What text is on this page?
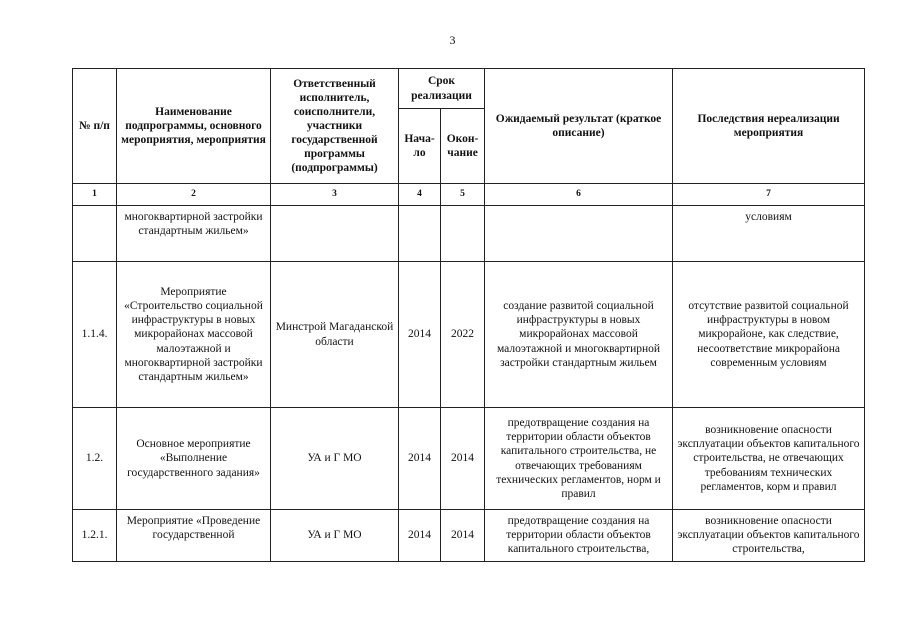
3
№ п/п	Наименование подпрограммы, основного мероприятия, мероприятия	Ответственный исполнитель, соисполнители, участники государственной программы (подпрограммы)	Срок реализации		Ожидаемый результат (краткое описание)	Последствия нереализации мероприятия
			Нача-ло	Окон-чание		
1	2	3	4	5	6	7
	многоквартирной застройки стандартным жильем»					условиям
1.1.4.	Мероприятие «Строительство социальной инфраструктуры в новых микрорайонах массовой малоэтажной и многоквартирной застройки стандартным жильем»	Минстрой Магаданской области	2014	2022	создание развитой социальной инфраструктуры в новых микрорайонах массовой малоэтажной и многоквартирной застройки стандартным жильем	отсутствие развитой социальной инфраструктуры в новом микрорайоне, как следствие, несоответствие микрорайона современным условиям
1.2.	Основное мероприятие «Выполнение государственного задания»	УА и Г МО	2014	2014	предотвращение создания на территории области объектов капитального строительства, не отвечающих требованиям технических регламентов, норм и правил	возникновение опасности эксплуатации объектов капитального строительства, не отвечающих требованиям технических регламентов, корм и правил
1.2.1.	Мероприятие «Проведение государственной	УА и Г МО	2014	2014	предотвращение создания на территории области объектов капитального строительства,	возникновение опасности эксплуатации объектов капитального строительства,
